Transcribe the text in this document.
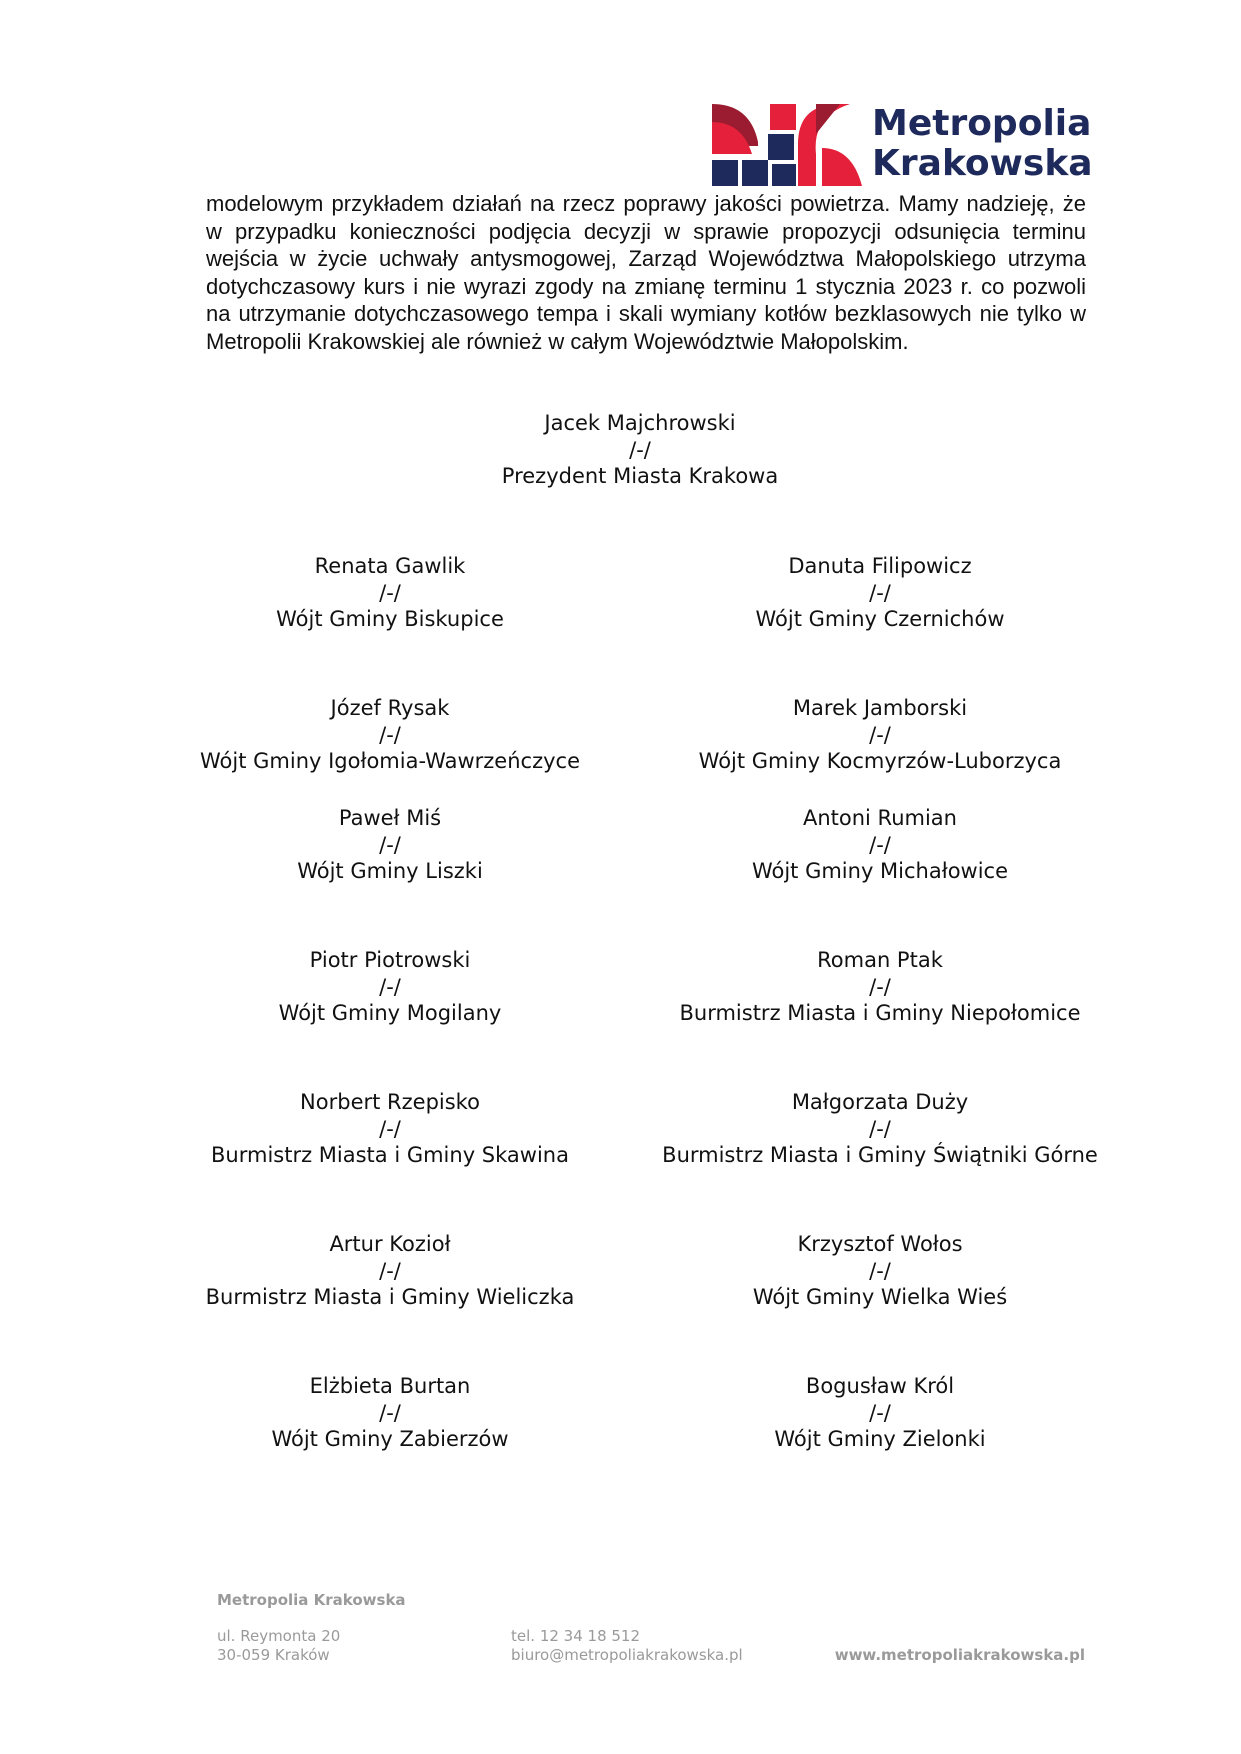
Metropolia
Krakowska
modelowym przykładem działań na rzecz poprawy jakości powietrza. Mamy nadzieję, że w przypadku konieczności podjęcia decyzji w sprawie propozycji odsunięcia terminu wejścia w życie uchwały antysmogowej, Zarząd Województwa Małopolskiego utrzyma dotychczasowy kurs i nie wyrazi zgody na zmianę terminu 1 stycznia 2023 r. co pozwoli na utrzymanie dotychczasowego tempa i skali wymiany kotłów bezklasowych nie tylko w Metropolii Krakowskiej ale również w całym Województwie Małopolskim.
Jacek Majchrowski
/-/
Prezydent Miasta Krakowa
Renata Gawlik
/-/
Wójt Gminy Biskupice
Danuta Filipowicz
/-/
Wójt Gminy Czernichów
Józef Rysak
/-/
Wójt Gminy Igołomia-Wawrzeńczyce
Marek Jamborski
/-/
Wójt Gminy Kocmyrzów-Luborzyca
Paweł Miś
/-/
Wójt Gminy Liszki
Antoni Rumian
/-/
Wójt Gminy Michałowice
Piotr Piotrowski
/-/
Wójt Gminy Mogilany
Roman Ptak
/-/
Burmistrz Miasta i Gminy Niepołomice
Norbert Rzepisko
/-/
Burmistrz Miasta i Gminy Skawina
Małgorzata Duży
/-/
Burmistrz Miasta i Gminy Świątniki Górne
Artur Kozioł
/-/
Burmistrz Miasta i Gminy Wieliczka
Krzysztof Wołos
/-/
Wójt Gminy Wielka Wieś
Elżbieta Burtan
/-/
Wójt Gminy Zabierzów
Bogusław Król
/-/
Wójt Gminy Zielonki
Metropolia Krakowska
ul. Reymonta 20
30-059 Kraków
tel. 12 34 18 512
biuro@metropoliakrakowska.pl	www.metropoliakrakowska.pl
